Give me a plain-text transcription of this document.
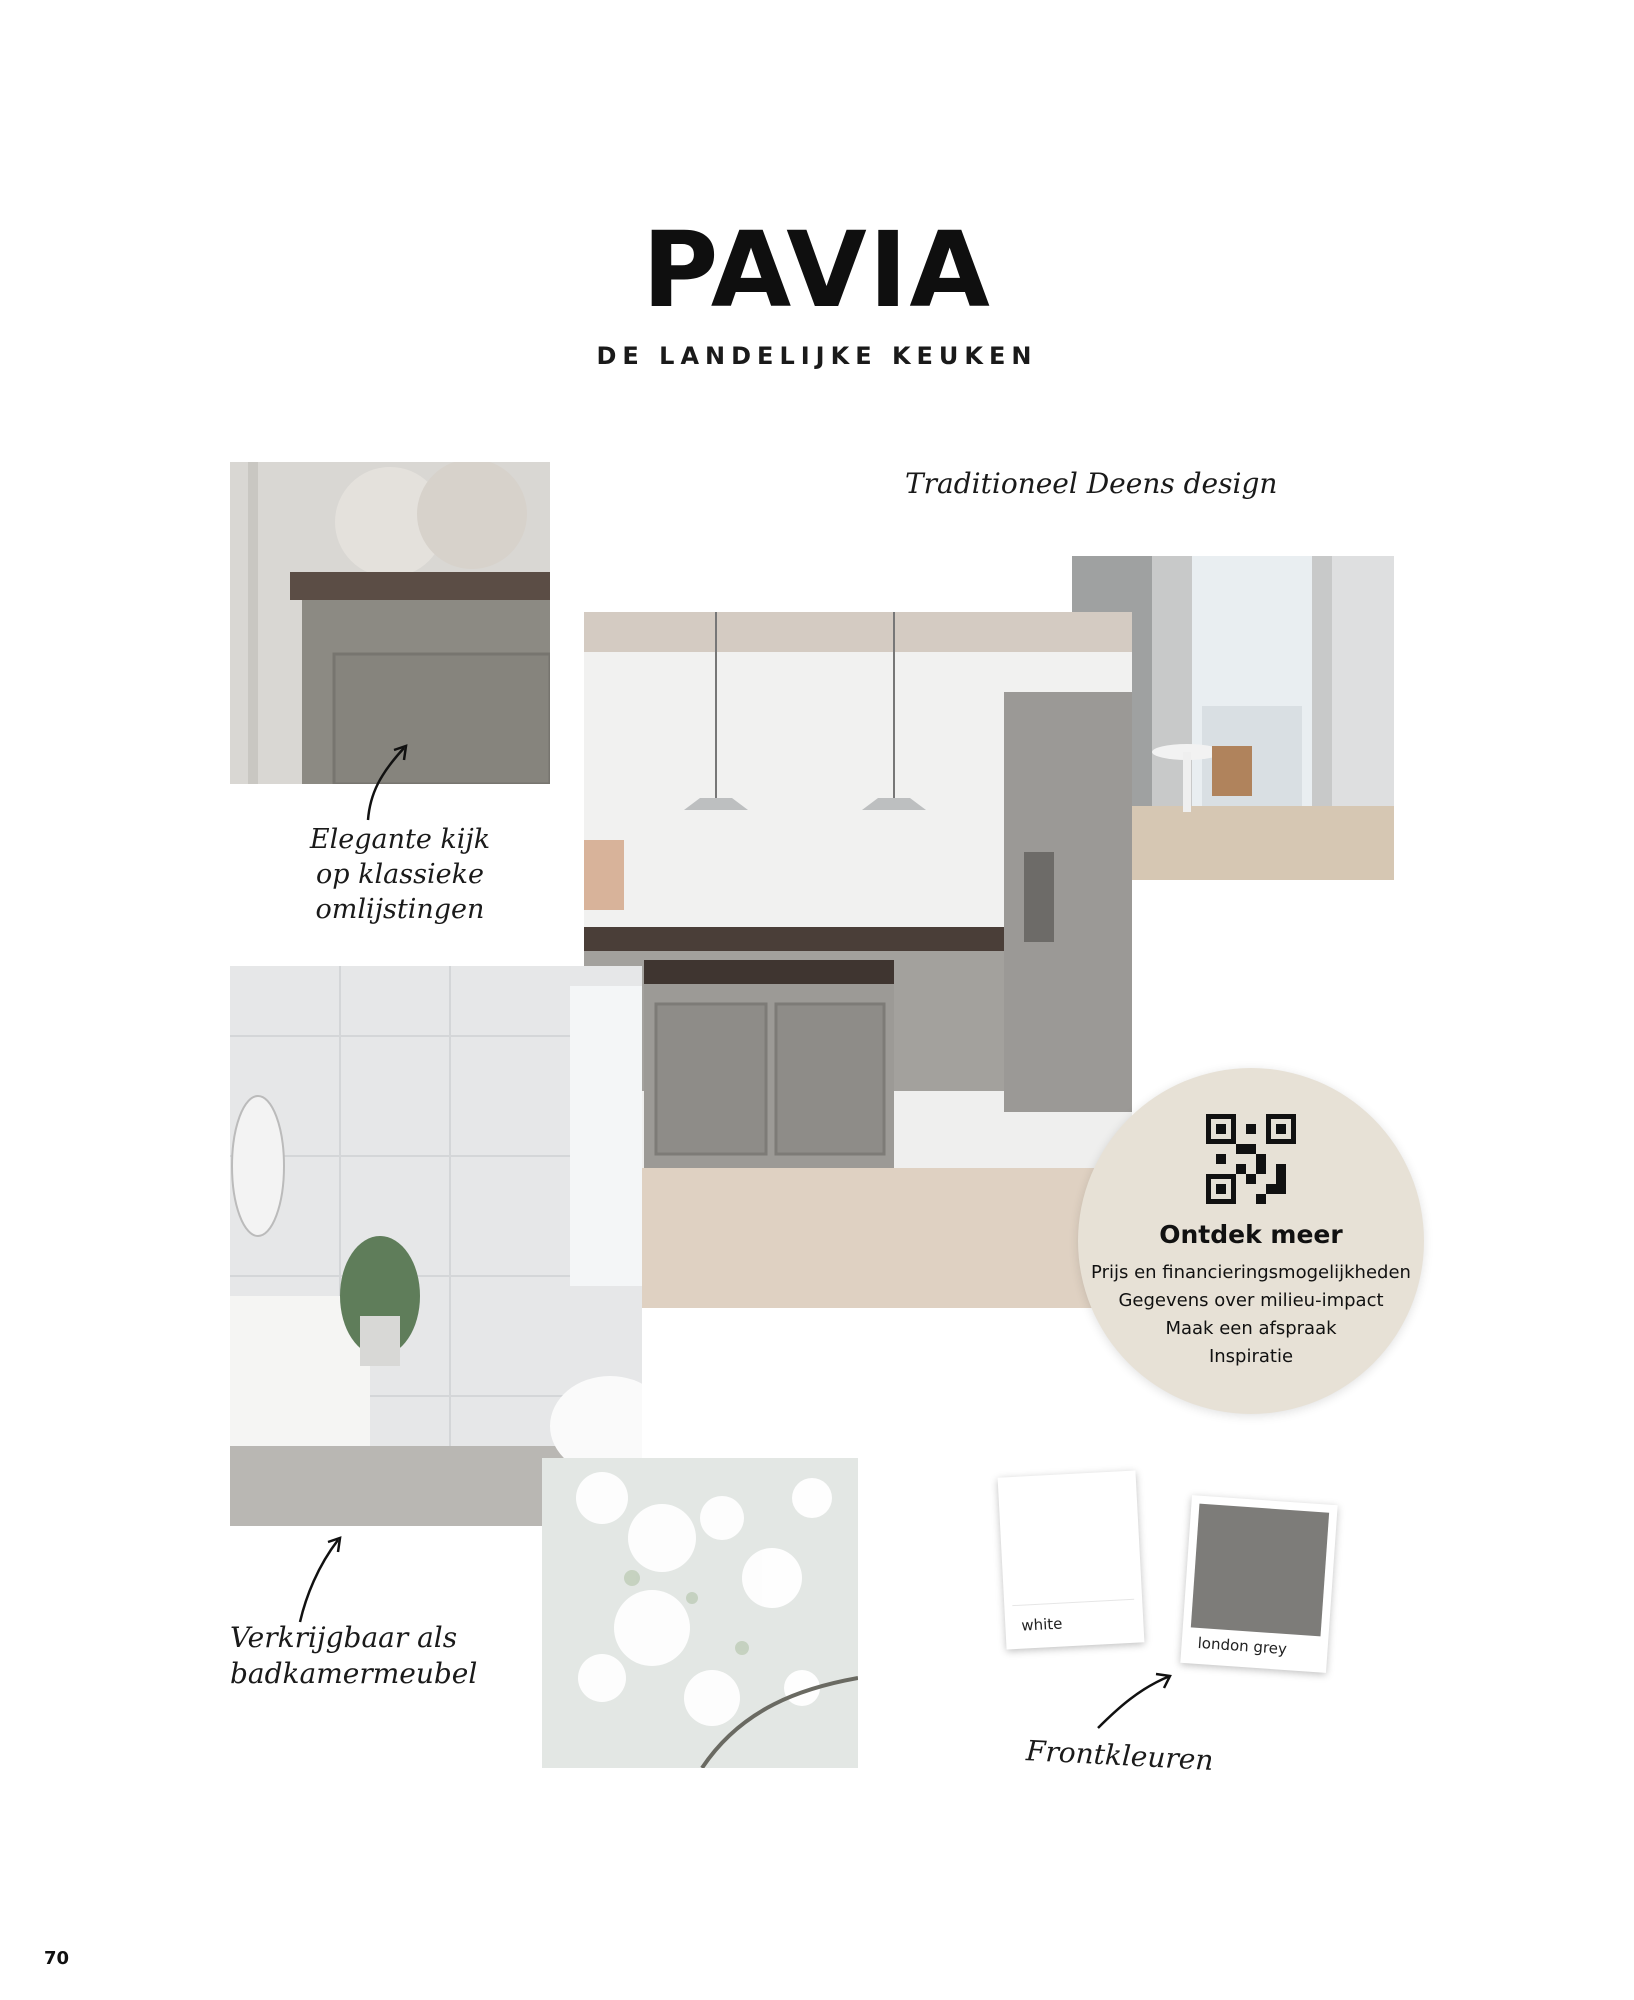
PAVIA
DE LANDELIJKE KEUKEN
Elegante kijk
op klassieke
omlijstingen
Traditioneel Deens design
Verkrijgbaar als
badkamermeubel
Ontdek meer
Prijs en financieringsmogelijkheden
Gegevens over milieu-impact
Maak een afspraak
Inspiratie
white
london grey
Frontkleuren
70
